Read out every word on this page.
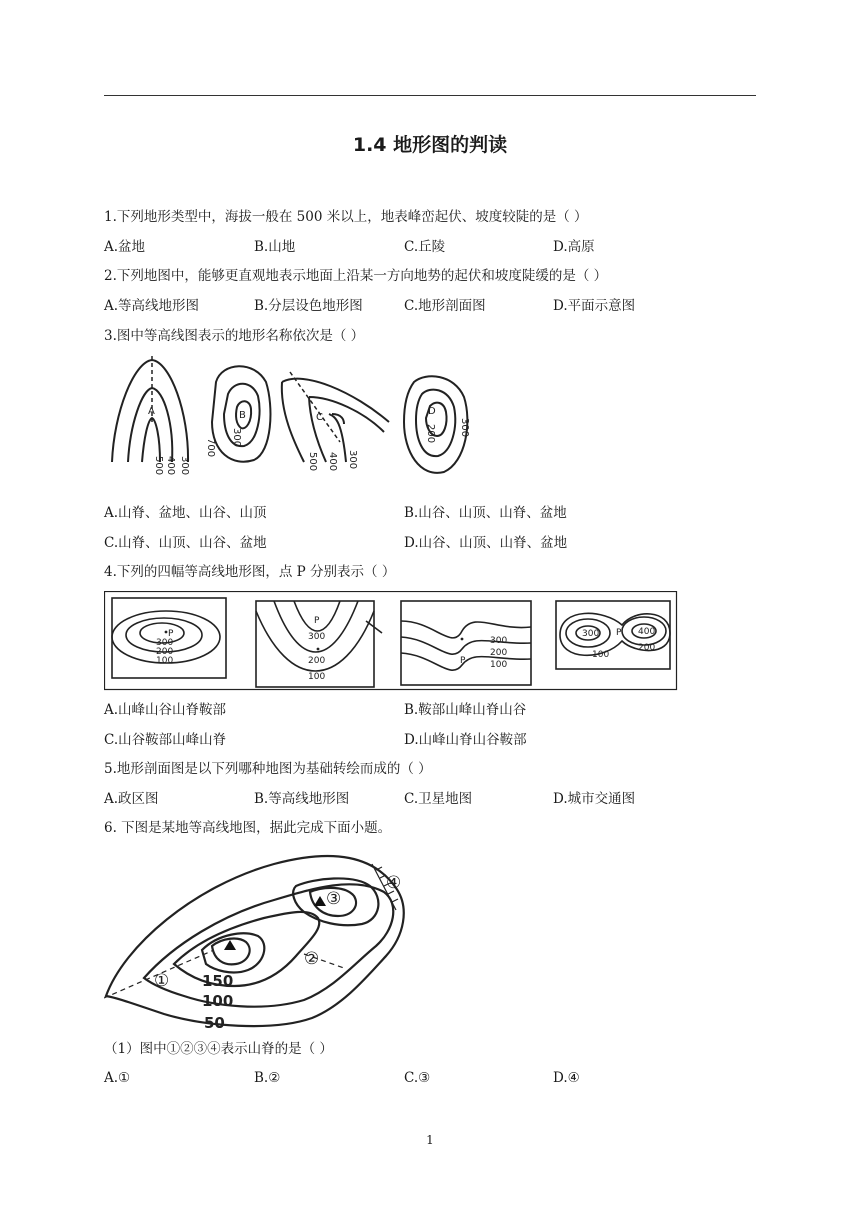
1.4 地形图的判读
1.下列地形类型中，海拔一般在 500 米以上，地表峰峦起伏、坡度较陡的是（ ）
A.盆地	B.山地	C.丘陵	D.高原
2.下列地图中，能够更直观地表示地面上沿某一方向地势的起伏和坡度陡缓的是（ ）
A.等高线地形图	B.分层设色地形图	C.地形剖面图	D.平面示意图
3.图中等高线图表示的地形名称依次是（ ）
A	B	C
D
300
400
500
300
700
300
400
500
300
200
A.山脊、盆地、山谷、山顶	B.山谷、山顶、山脊、盆地
C.山脊、山顶、山谷、盆地	D.山谷、山顶、山脊、盆地
4.下列的四幅等高线地形图，点 P 分别表示（ ）
P
300
200
100
P
300
200
100
P
300
200
100
300 P 400
200
100
A.山峰山谷山脊鞍部	B.鞍部山峰山脊山谷
C.山谷鞍部山峰山脊	D.山峰山脊山谷鞍部
5.地形剖面图是以下列哪种地图为基础转绘而成的（ ）
A.政区图	B.等高线地形图	C.卫星地图	D.城市交通图
6. 下图是某地等高线地图，据此完成下面小题。
①
②
③
④
150
100
50
（1）图中①②③④表示山脊的是（ ）
A.①	B.②	C.③	D.④
1
